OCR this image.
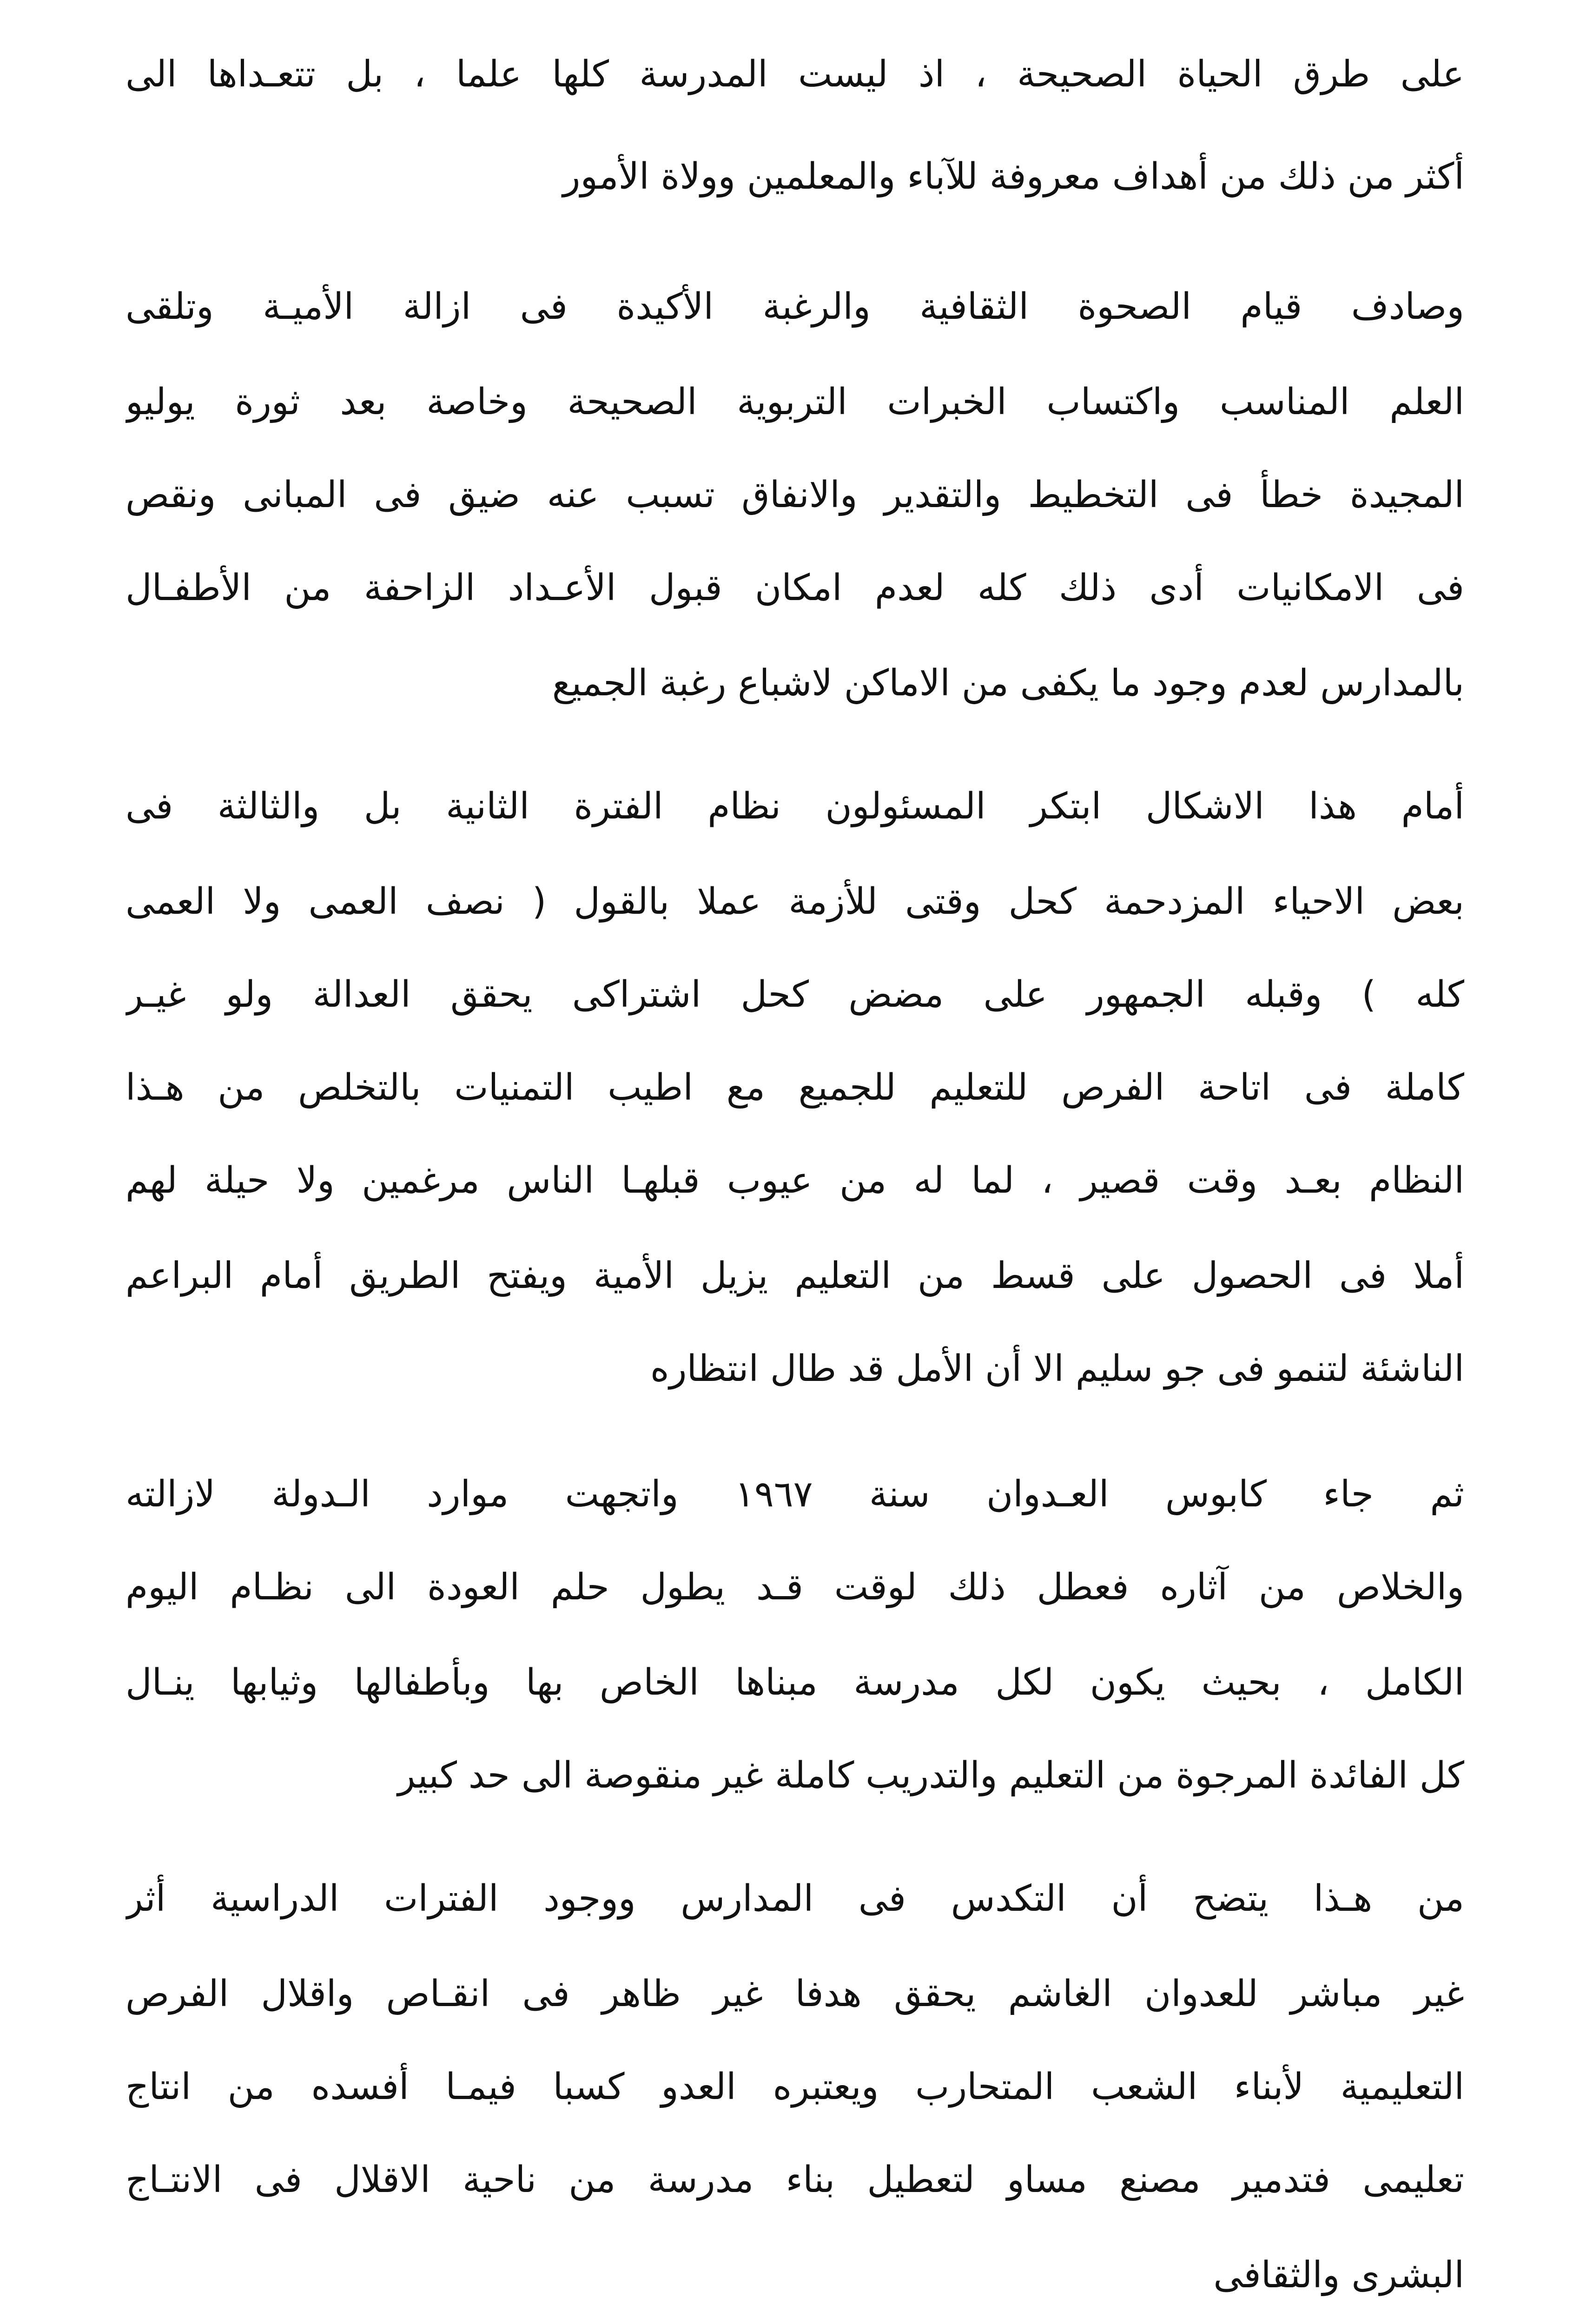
على طرق الحياة الصحيحة ، اذ ليست المدرسة كلها علما ، بل تتعـداها الى
أكثر من ذلك من أهداف معروفة للآباء والمعلمين وولاة الأمور
وصادف قيام الصحوة الثقافية والرغبة الأكيدة فى ازالة الأميـة وتلقى
العلم المناسب واكتساب الخبرات التربوية الصحيحة وخاصة بعد ثورة يوليو
المجيدة خطأ فى التخطيط والتقدير والانفاق تسبب عنه ضيق فى المبانى ونقص
فى الامكانيات أدى ذلك كله لعدم امكان قبول الأعـداد الزاحفة من الأطفـال
بالمدارس لعدم وجود ما يكفى من الاماكن لاشباع رغبة الجميع
أمام هذا الاشكال ابتكر المسئولون نظام الفترة الثانية بل والثالثة فى
بعض الاحياء المزدحمة كحل وقتى للأزمة عملا بالقول ( نصف العمى ولا العمى
كله ) وقبله الجمهور على مضض كحل اشتراكى يحقق العدالة ولو غيـر
كاملة فى اتاحة الفرص للتعليم للجميع مع اطيب التمنيات بالتخلص من هـذا
النظام بعـد وقت قصير ، لما له من عيوب قبلهـا الناس مرغمين ولا حيلة لهم
أملا فى الحصول على قسط من التعليم يزيل الأمية ويفتح الطريق أمام البراعم
الناشئة لتنمو فى جو سليم الا أن الأمل قد طال انتظاره
ثم جاء كابوس العـدوان سنة ١٩٦٧ واتجهت موارد الـدولة لازالته
والخلاص من آثاره فعطل ذلك لوقت قـد يطول حلم العودة الى نظـام اليوم
الكامل ، بحيث يكون لكل مدرسة مبناها الخاص بها وبأطفالها وثيابها ينـال
كل الفائدة المرجوة من التعليم والتدريب كاملة غير منقوصة الى حد كبير
من هـذا يتضح أن التكدس فى المدارس ووجود الفترات الدراسية أثر
غير مباشر للعدوان الغاشم يحقق هدفا غير ظاهر فى انقـاص واقلال الفرص
التعليمية لأبناء الشعب المتحارب ويعتبره العدو كسبا فيمـا أفسده من انتاج
تعليمى فتدمير مصنع مساو لتعطيل بناء مدرسة من ناحية الاقلال فى الانتـاج
البشرى والثقافى
